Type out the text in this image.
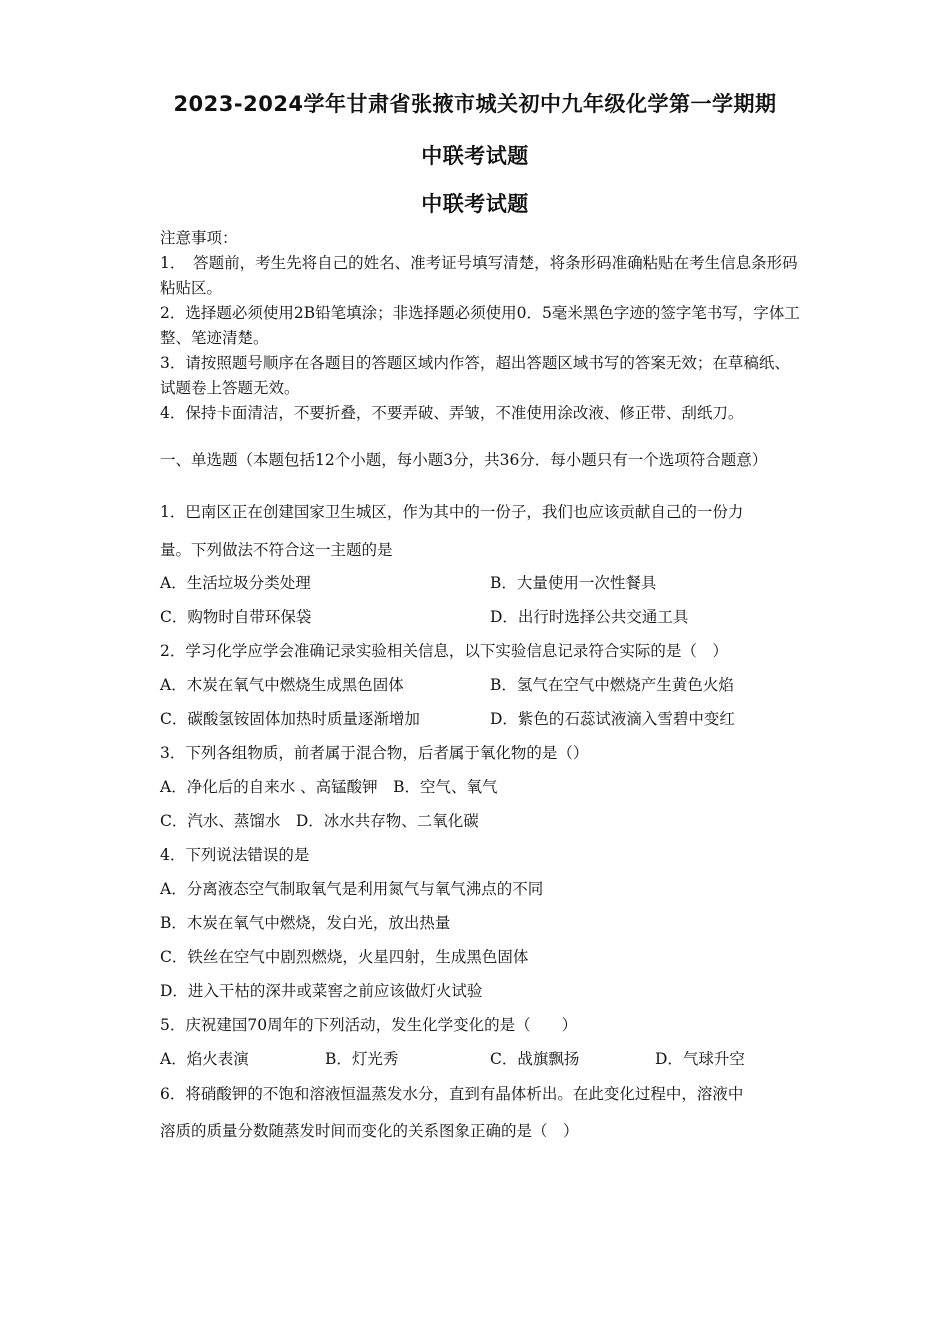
2023-2024学年甘肃省张掖市城关初中九年级化学第一学期期
中联考试题
中联考试题
注意事项：
1．　答题前，考生先将自己的姓名、准考证号填写清楚，将条形码准确粘贴在考生信息条形码粘贴区。
2．选择题必须使用2B铅笔填涂；非选择题必须使用0．5毫米黑色字迹的签字笔书写，字体工整、笔迹清楚。
3．请按照题号顺序在各题目的答题区域内作答，超出答题区域书写的答案无效；在草稿纸、试题卷上答题无效。
4．保持卡面清洁，不要折叠，不要弄破、弄皱，不准使用涂改液、修正带、刮纸刀。
一、单选题（本题包括12个小题，每小题3分，共36分．每小题只有一个选项符合题意）
1．巴南区正在创建国家卫生城区，作为其中的一份子，我们也应该贡献自己的一份力
量。下列做法不符合这一主题的是
A．生活垃圾分类处理	B．大量使用一次性餐具
C．购物时自带环保袋	D．出行时选择公共交通工具
2．学习化学应学会准确记录实验相关信息，以下实验信息记录符合实际的是（　）
A．木炭在氧气中燃烧生成黑色固体	B．氢气在空气中燃烧产生黄色火焰
C．碳酸氢铵固体加热时质量逐渐增加	D．紫色的石蕊试液滴入雪碧中变红
3．下列各组物质，前者属于混合物，后者属于氧化物的是（）
A．净化后的自来水 、高锰酸钾　B．空气、氧气
C．汽水、蒸馏水　D．冰水共存物、二氧化碳
4．下列说法错误的是
A．分离液态空气制取氧气是利用氮气与氧气沸点的不同
B．木炭在氧气中燃烧，发白光，放出热量
C．铁丝在空气中剧烈燃烧，火星四射，生成黑色固体
D．进入干枯的深井或菜窖之前应该做灯火试验
5．庆祝建国70周年的下列活动，发生化学变化的是（　　）
A．焰火表演	B．灯光秀	C．战旗飘扬	D．气球升空
6．将硝酸钾的不饱和溶液恒温蒸发水分，直到有晶体析出。在此变化过程中，溶液中
溶质的质量分数随蒸发时间而变化的关系图象正确的是（　）
